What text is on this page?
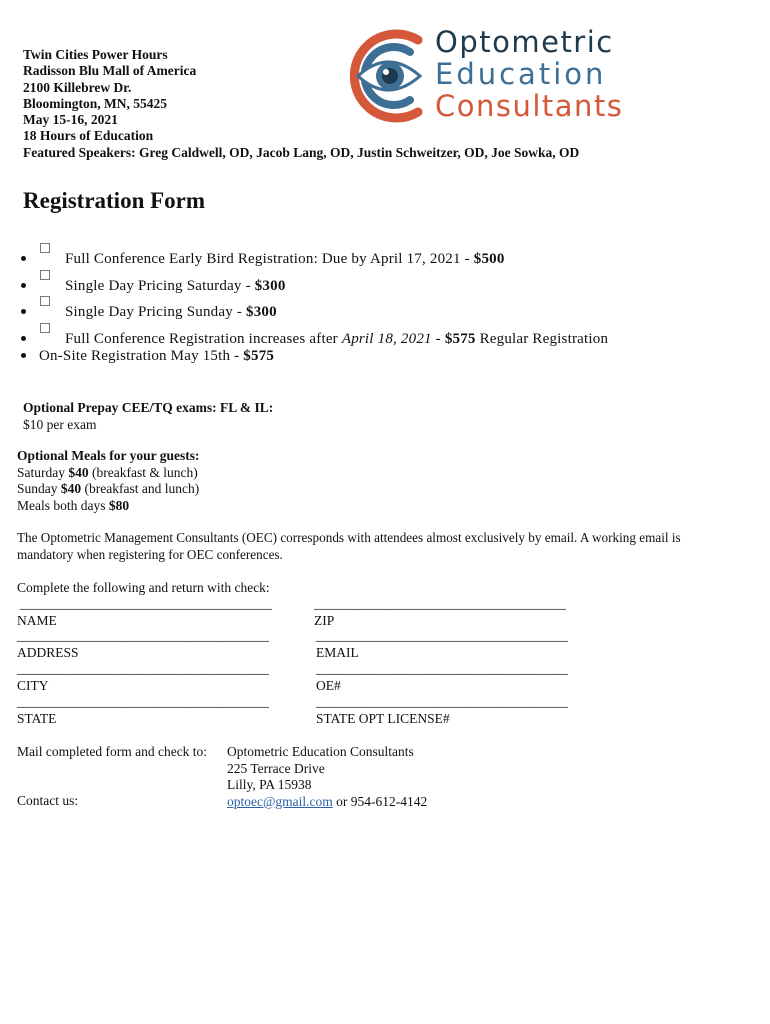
Twin Cities Power Hours
Radisson Blu Mall of America
2100 Killebrew Dr.
Bloomington, MN, 55425
May 15-16, 2021
18 Hours of Education
Featured Speakers: Greg Caldwell, OD, Jacob Lang, OD, Justin Schweitzer, OD, Joe Sowka, OD
Optometric
Education
Consultants
Registration Form
Full Conference Early Bird Registration: Due by April 17, 2021 - $500
Single Day Pricing Saturday - $300
Single Day Pricing Sunday - $300
Full Conference Registration increases after April 18, 2021 - $575 Regular Registration
On-Site Registration May 15th - $575
Optional Prepay CEE/TQ exams: FL & IL:
$10 per exam
Optional Meals for your guests:
Saturday $40 (breakfast & lunch)
Sunday $40 (breakfast and lunch)
Meals both days $80
The Optometric Management Consultants (OEC) corresponds with attendees almost exclusively by email. A working email is
mandatory when registering for OEC conferences.
Complete the following and return with check:
_______________________________________
NAME
_______________________________________
ADDRESS
_______________________________________
CITY
_______________________________________
STATE
_______________________________________
ZIP
_______________________________________
EMAIL
_______________________________________
OE#
_______________________________________
STATE OPT LICENSE#
Mail completed form and check to: Optometric Education Consultants
225 Terrace Drive
Lilly, PA 15938
optoec@gmail.com or 954-612-4142
Contact us:
